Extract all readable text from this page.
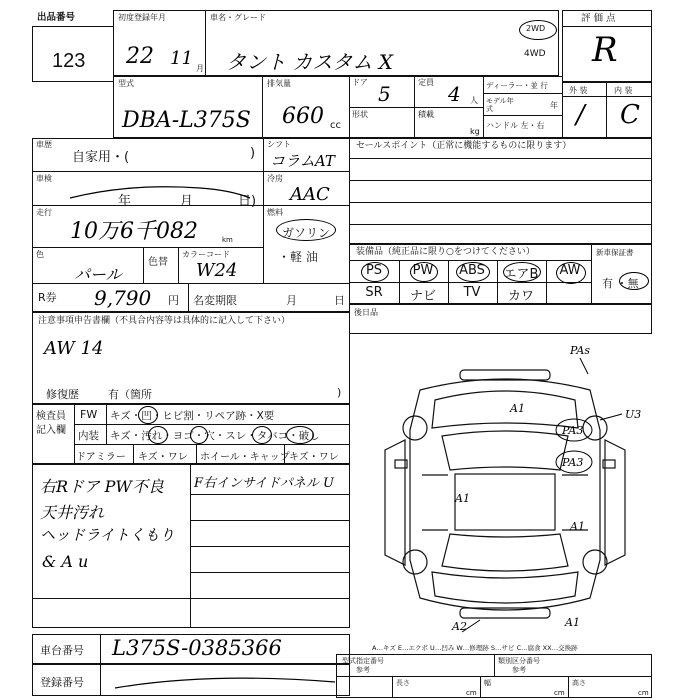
出品番号
123
初度登録年月
22 11 月
車名・グレード
タント カスタム X
2WD
4WD
評 価 点
R
型式
DBA-L375S
排気量
660 cc
ドア 5	定員 4 人
形状	積載
kg
ディーラー・並 行
モデル年式	年
ハンドル 左・右
外 装	内 装
/ C
車歴
自家用・(	)
シフト
コラムAT
車検
年	月	日)
冷房
AAC
走行
10万6千082	km
燃料
ガソリン
・軽 油
色
パール
色替
カラーコード
W24
R券 9,790 円 名変期限	月	日
セールスポイント（正常に機能するものに限ります）
装備品（純正品に限り○をつけてください）
PS	PW	ABS	エアB	AW
SR	ナビ	TV	カワ
新車保証書
有 ・無
後日品
注意事項申告書欄（不具合内容等は具体的に記入して下さい）
AW 14
修復歴	有（箇所	)
検査員
記入欄
FW キズ・凹・ヒビ割・リペア跡・X要
内装 キズ・汚れ・ヨゴ・穴・スレ・タバコ・破し
ドアミラー キズ・ワレ ホイール・キャップ キズ・ワレ
右Rドア PW不良
天井汚れ
ヘッドライトくもり
& A u
F右インサイドパネル U
PAs
A1	U3
PA3
PA3
A1
A1
A2	A1
A…キズ E…エクボ U…凹み W…修理跡 S…サビ C…腐食 XX…交換跡
車台番号 L375S-0385366
登録番号
型式指定番号
参考
類別区分番号
参考
長さ
cm
幅
cm
高さ
cm
